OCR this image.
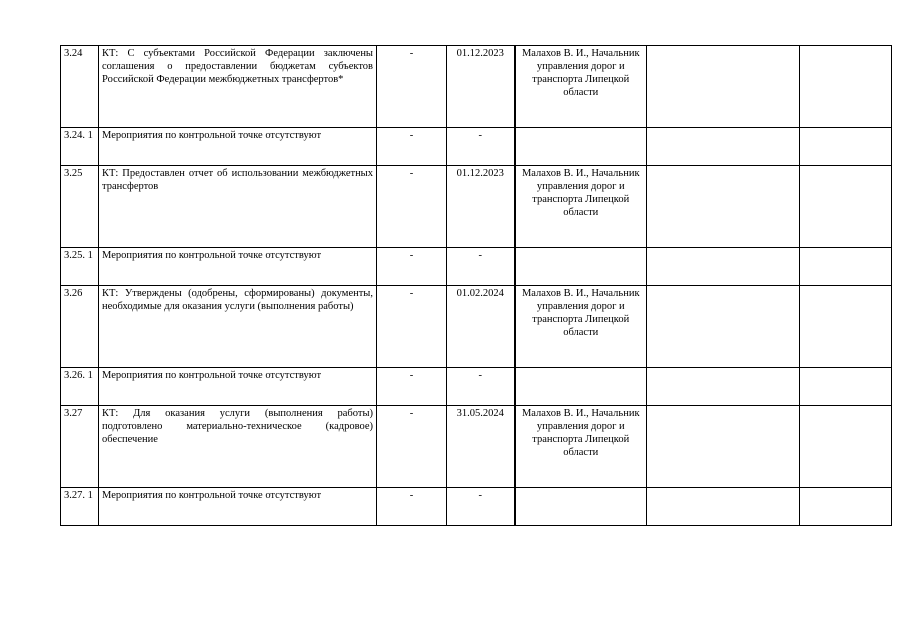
3.24	КТ: С субъектами Российской Федерации заключены соглашения о предоставлении бюджетам субъектов Российской Федерации межбюджетных трансфертов*	-	01.12.2023	Малахов В. И., Начальник управления дорог и транспорта Липецкой области		
3.24. 1	Мероприятия по контрольной точке отсутствуют	-	-			
3.25	КТ: Предоставлен отчет об использовании межбюджетных трансфертов	-	01.12.2023	Малахов В. И., Начальник управления дорог и транспорта Липецкой области		
3.25. 1	Мероприятия по контрольной точке отсутствуют	-	-			
3.26	КТ: Утверждены (одобрены, сформированы) документы, необходимые для оказания услуги (выполнения работы)	-	01.02.2024	Малахов В. И., Начальник управления дорог и транспорта Липецкой области		
3.26. 1	Мероприятия по контрольной точке отсутствуют	-	-			
3.27	КТ: Для оказания услуги (выполнения работы) подготовлено материально-техническое (кадровое) обеспечение	-	31.05.2024	Малахов В. И., Начальник управления дорог и транспорта Липецкой области		
3.27. 1	Мероприятия по контрольной точке отсутствуют	-	-			
